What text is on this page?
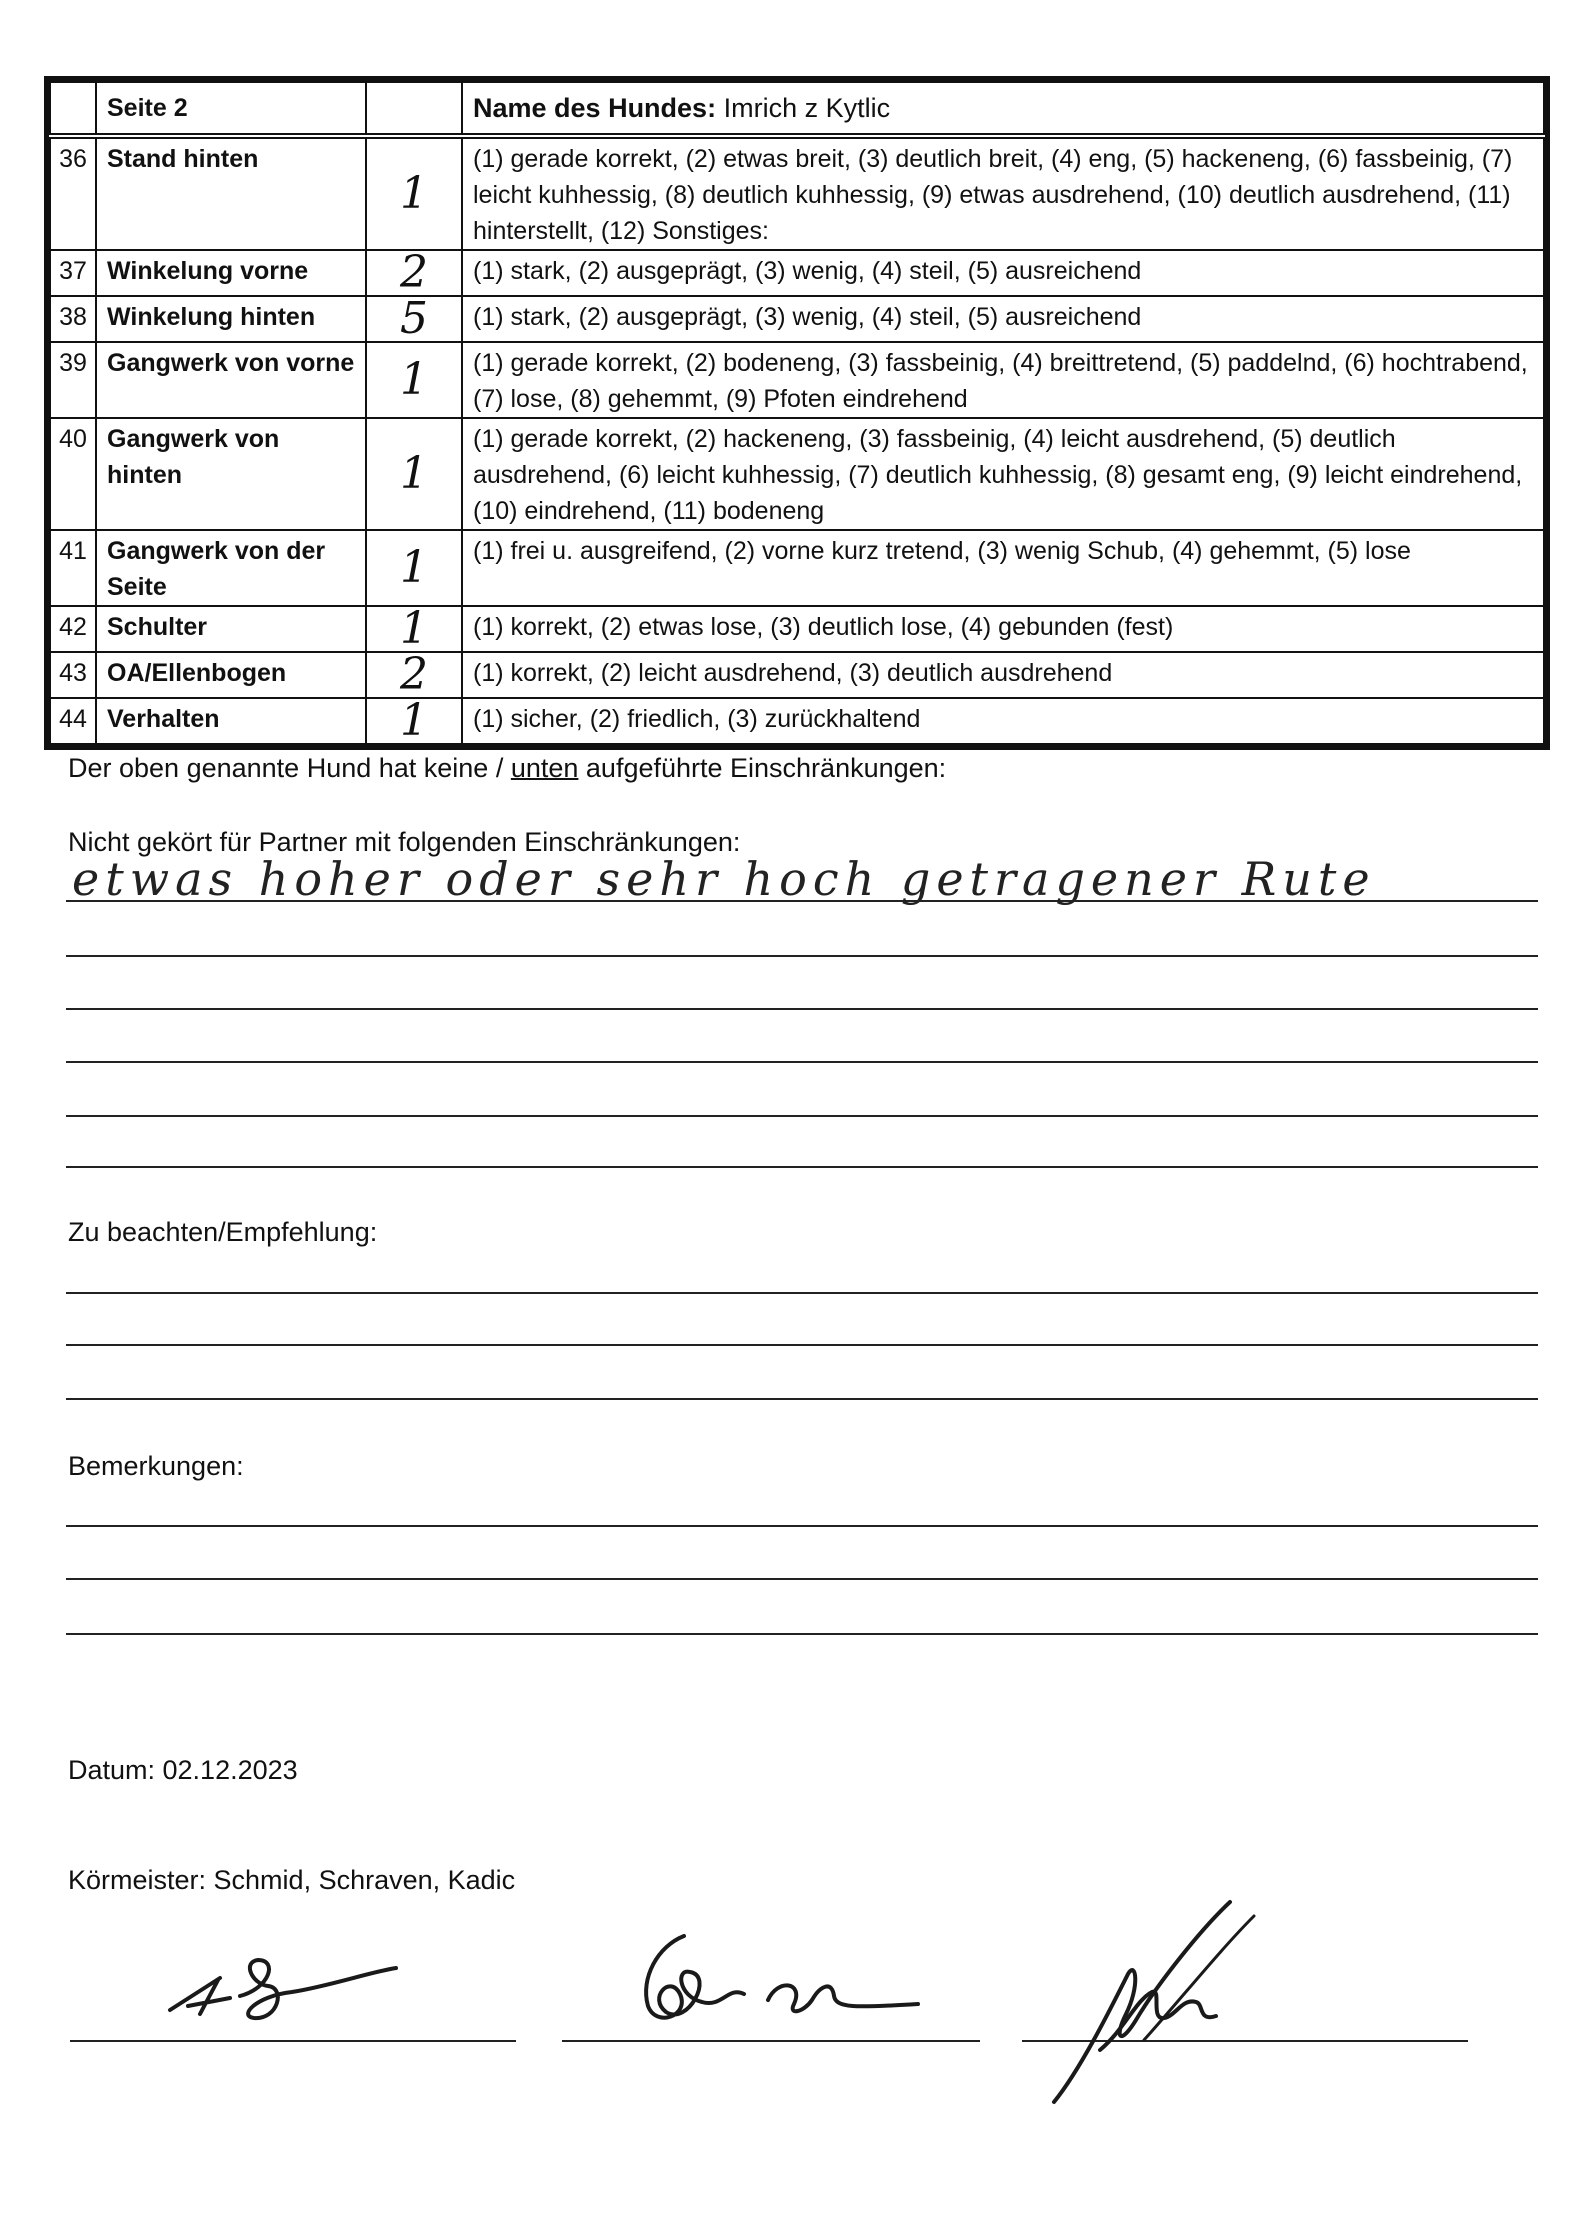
	Seite 2		Name des Hundes: Imrich z Kytlic
36	Stand hinten	1	(1) gerade korrekt, (2) etwas breit, (3) deutlich breit, (4) eng, (5) hackeneng, (6) fassbeinig, (7) leicht kuhhessig, (8) deutlich kuhhessig, (9) etwas ausdrehend, (10) deutlich ausdrehend, (11) hinterstellt, (12) Sonstiges:
37	Winkelung vorne	2	(1) stark, (2) ausgeprägt, (3) wenig, (4) steil, (5) ausreichend
38	Winkelung hinten	5	(1) stark, (2) ausgeprägt, (3) wenig, (4) steil, (5) ausreichend
39	Gangwerk von vorne	1	(1) gerade korrekt, (2) bodeneng, (3) fassbeinig, (4) breittretend, (5) paddelnd, (6) hochtrabend, (7) lose, (8) gehemmt, (9) Pfoten eindrehend
40	Gangwerk von hinten	1	(1) gerade korrekt, (2) hackeneng, (3) fassbeinig, (4) leicht ausdrehend, (5) deutlich ausdrehend, (6) leicht kuhhessig, (7) deutlich kuhhessig, (8) gesamt eng, (9) leicht eindrehend, (10) eindrehend, (11) bodeneng
41	Gangwerk von der Seite	1	(1) frei u. ausgreifend, (2) vorne kurz tretend, (3) wenig Schub, (4) gehemmt, (5) lose
42	Schulter	1	(1) korrekt, (2) etwas lose, (3) deutlich lose, (4) gebunden (fest)
43	OA/Ellenbogen	2	(1) korrekt, (2) leicht ausdrehend, (3) deutlich ausdrehend
44	Verhalten	1	(1) sicher, (2) friedlich, (3) zurückhaltend
Der oben genannte Hund hat keine / unten aufgeführte Einschränkungen:
Nicht gekört für Partner mit folgenden Einschränkungen:
etwas hoher oder sehr hoch getragener Rute
Zu beachten/Empfehlung:
Bemerkungen:
Datum: 02.12.2023
Körmeister: Schmid, Schraven, Kadic
